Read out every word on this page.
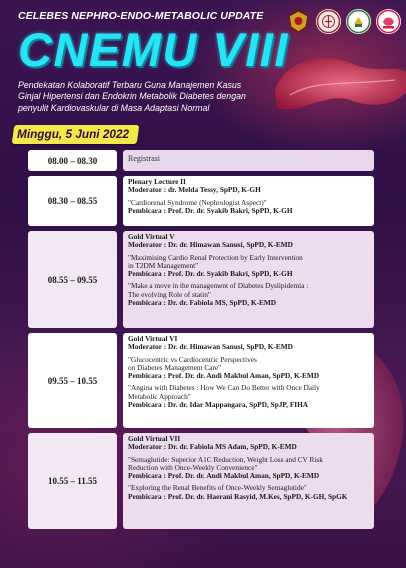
CELEBES NEPHRO-ENDO-METABOLIC UPDATE
CNEMU VIII
Pendekatan Kolaboratif Terbaru Guna Manajemen Kasus
Ginjal Hipertensi dan Endokrin Metabolik Diabetes dengan
penyulit Kardiovaskular di Masa Adaptasi Normal
Minggu, 5 Juni 2022
08.00 – 08.30	Registrasi
08.30 – 08.55
Plenary Lecture II
Moderator : dr. Melda Tessy, SpPD, K-GH
"Cardiorenal Syndrome (Nephrologist Aspect)"
Pembicara : Prof. Dr. dr. Syakib Bakri, SpPD, K-GH
08.55 – 09.55
Gold Virtual V
Moderator : Dr. dr. Himawan Sanusi, SpPD, K-EMD
"Maximising Cardio Renal Protection by Early Intervention
in T2DM Management"
Pembicara : Prof. Dr. dr. Syakib Bakri, SpPD, K-GH
"Make a move in the management of Diabetes Dyslipidemia :
The evolving Role of statin"
Pembicara : Dr. dr. Fabiola MS, SpPD, K-EMD
09.55 – 10.55
Gold Virtual VI
Moderator : Dr. dr. Himawan Sanusi, SpPD, K-EMD
"Glucocentric vs Cardiocentric Perspectives
on Diabetes Management Care"
Pembicara : Prof. Dr. dr. Andi Makbul Aman, SpPD, K-EMD
"Angina with Diabetes : How We Can Do Better with Once Daily
Metabolic Approach"
Pembicara : Dr. dr. Idar Mappangara, SpPD, SpJP, FIHA
10.55 – 11.55
Gold Virtual VII
Moderator : Dr. dr. Fabiola MS Adam, SpPD, K-EMD
"Semaglutide: Superior A1C Reduction, Weight Loss and CV Risk
Reduction with Once-Weekly Convenience"
Pembicara : Prof. Dr. dr. Andi Makbul Aman, SpPD, K-EMD
"Exploring the Renal Benefits of Once-Weekly Semaglutide"
Pembicara : Prof. Dr. dr. Haerani Rasyid, M.Kes, SpPD, K-GH, SpGK
